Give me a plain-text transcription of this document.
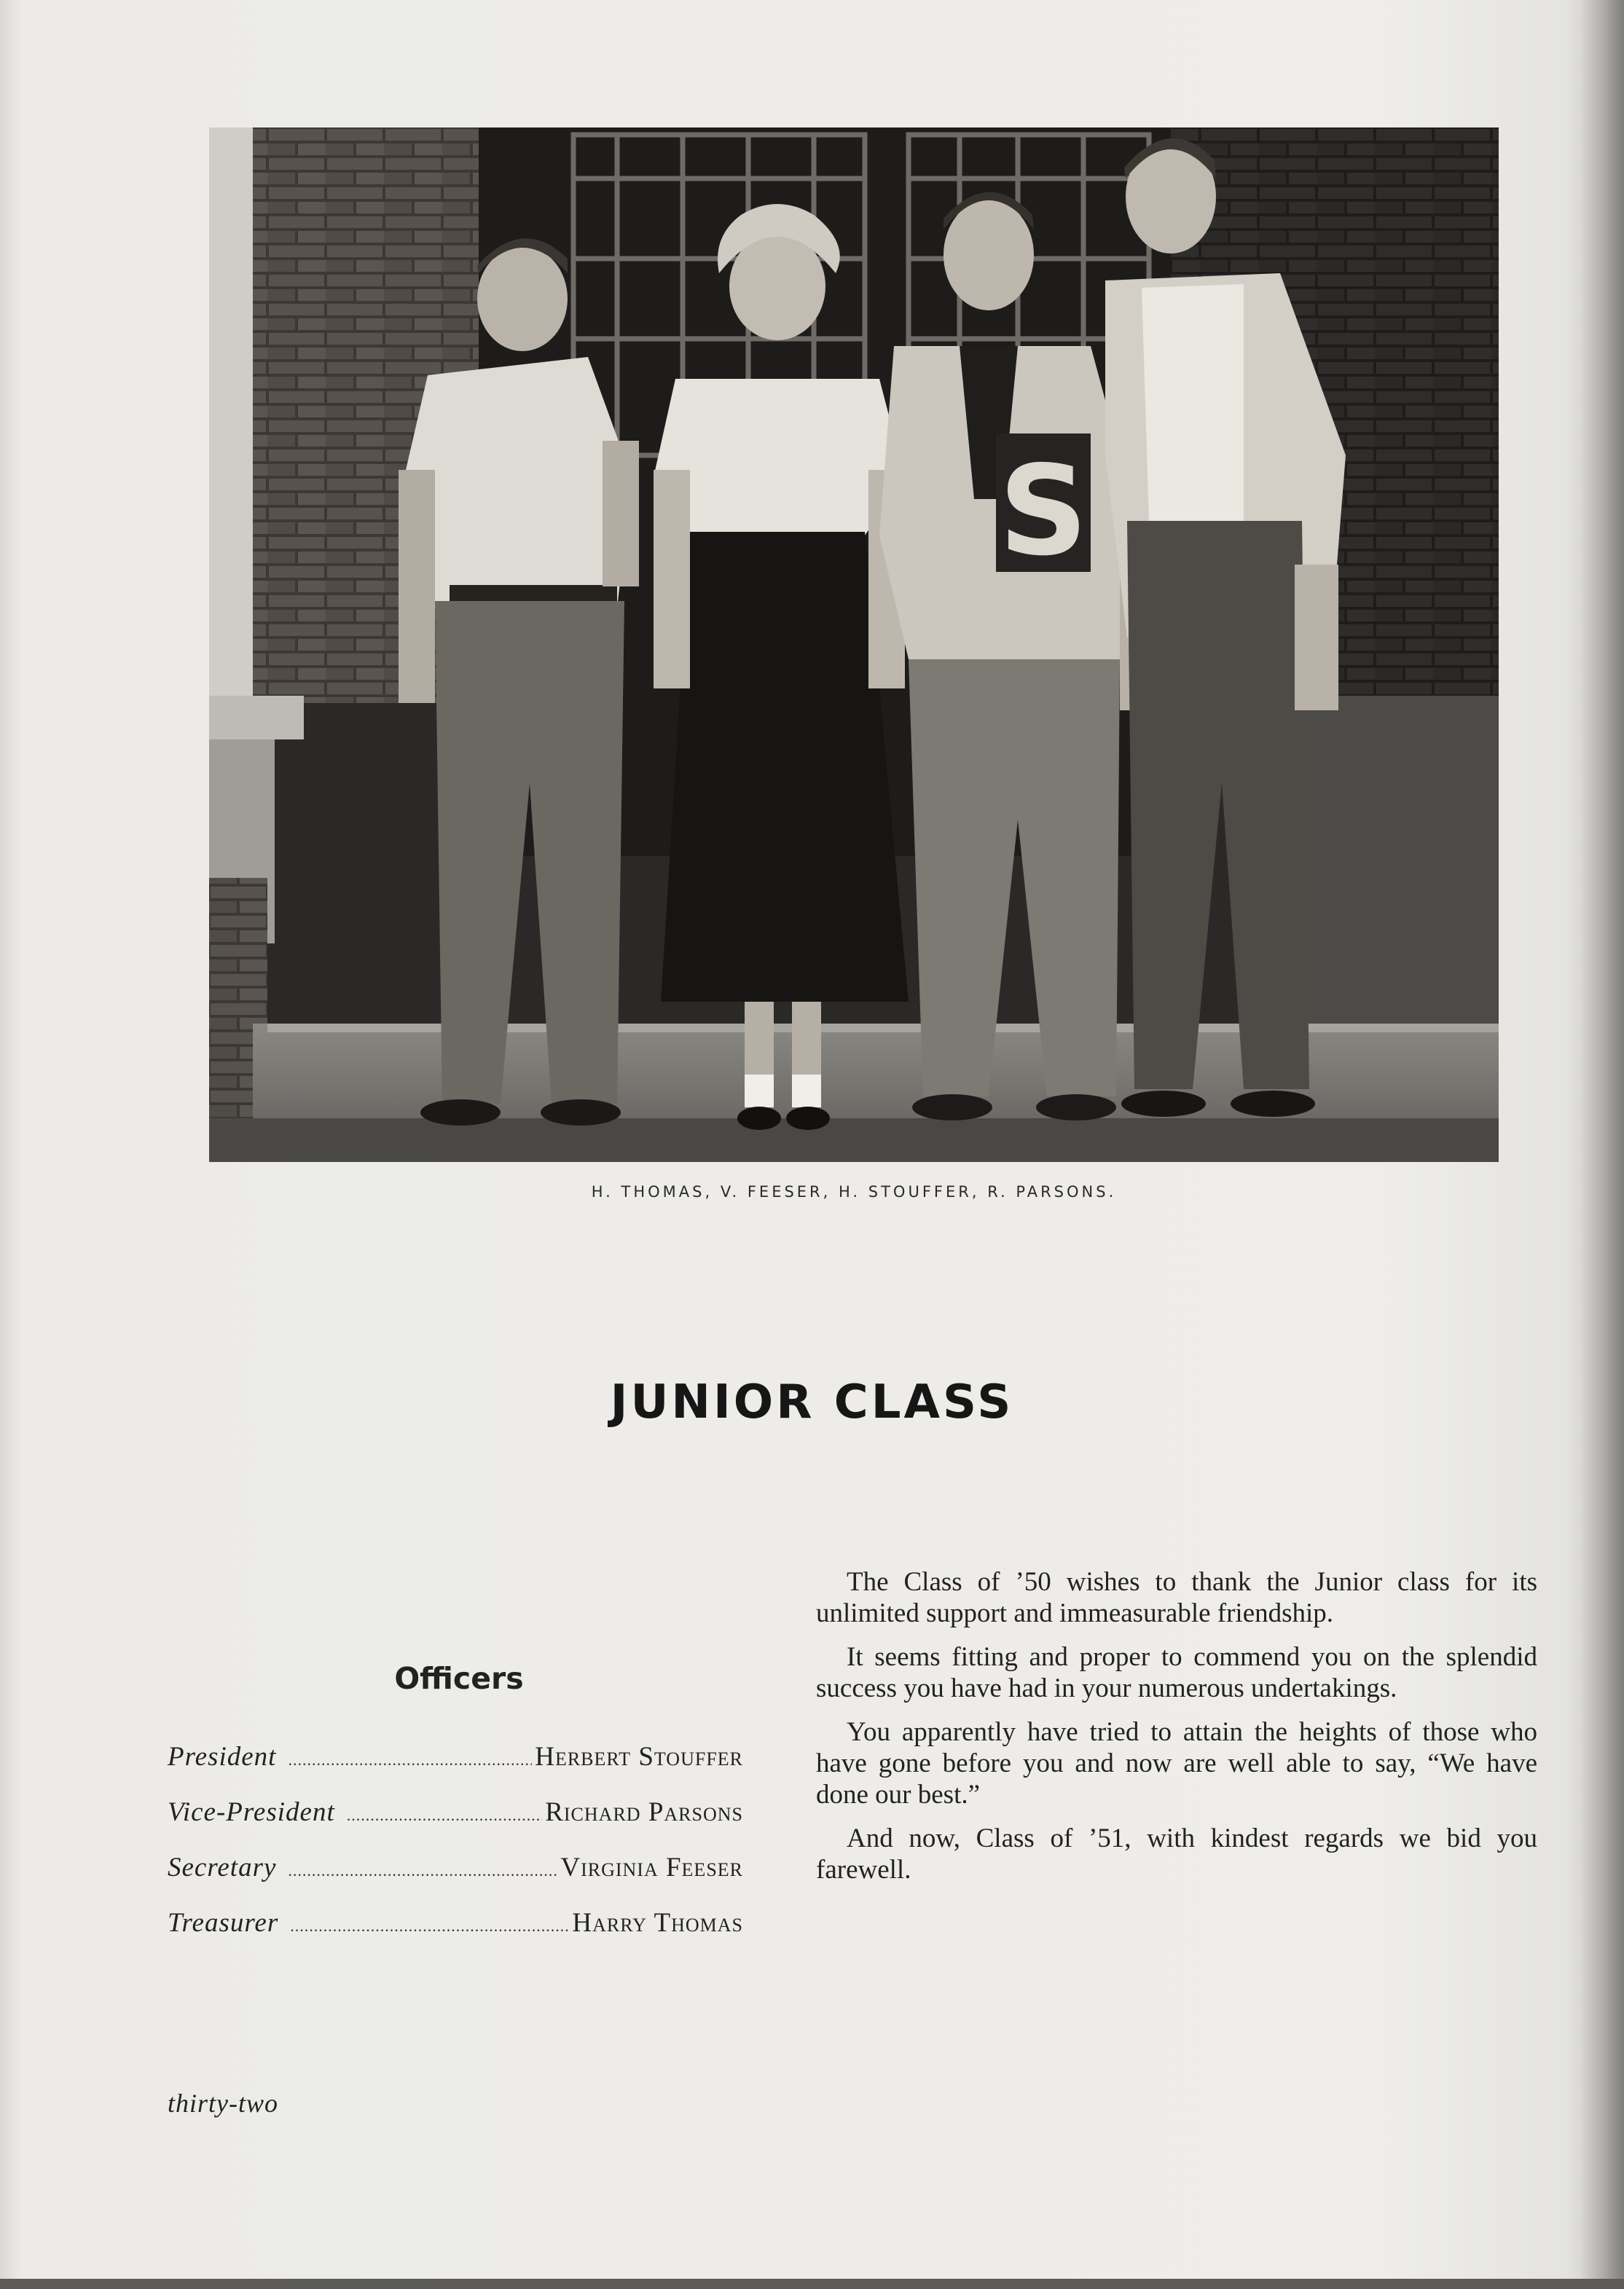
S
H. THOMAS, V. FEESER, H. STOUFFER, R. PARSONS.
JUNIOR CLASS
Officers
President .....	Herbert Stouffer
Vice-President .....	Richard Parsons
Secretary .....	Virginia Feeser
Treasurer .....	Harry Thomas

The Class of ’50 wishes to thank the Junior class for its unlimited support and immeasurable friendship.

It seems fitting and proper to commend you on the splendid success you have had in your numerous undertakings.

You apparently have tried to attain the heights of those who have gone before you and now are well able to say, “We have done our best.”

And now, Class of ’51, with kindest regards we bid you farewell.

thirty-two
